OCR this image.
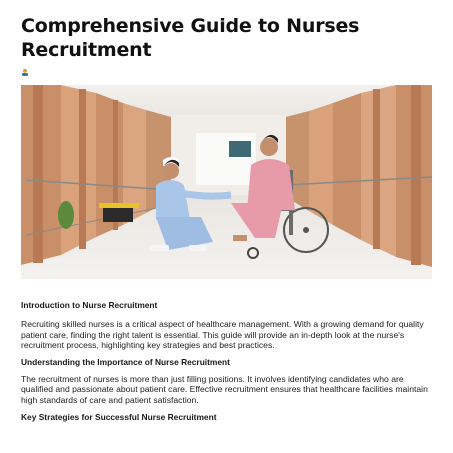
Comprehensive Guide to Nurses Recruitment
Introduction to Nurse Recruitment

Recruiting skilled nurses is a critical aspect of healthcare management. With a growing demand for quality patient care, finding the right talent is essential. This guide will provide an in-depth look at the nurse's recruitment process, highlighting key strategies and best practices.

Understanding the Importance of Nurse Recruitment

The recruitment of nurses is more than just filling positions. It involves identifying candidates who are qualified and passionate about patient care. Effective recruitment ensures that healthcare facilities maintain high standards of care and patient satisfaction.

Key Strategies for Successful Nurse Recruitment
